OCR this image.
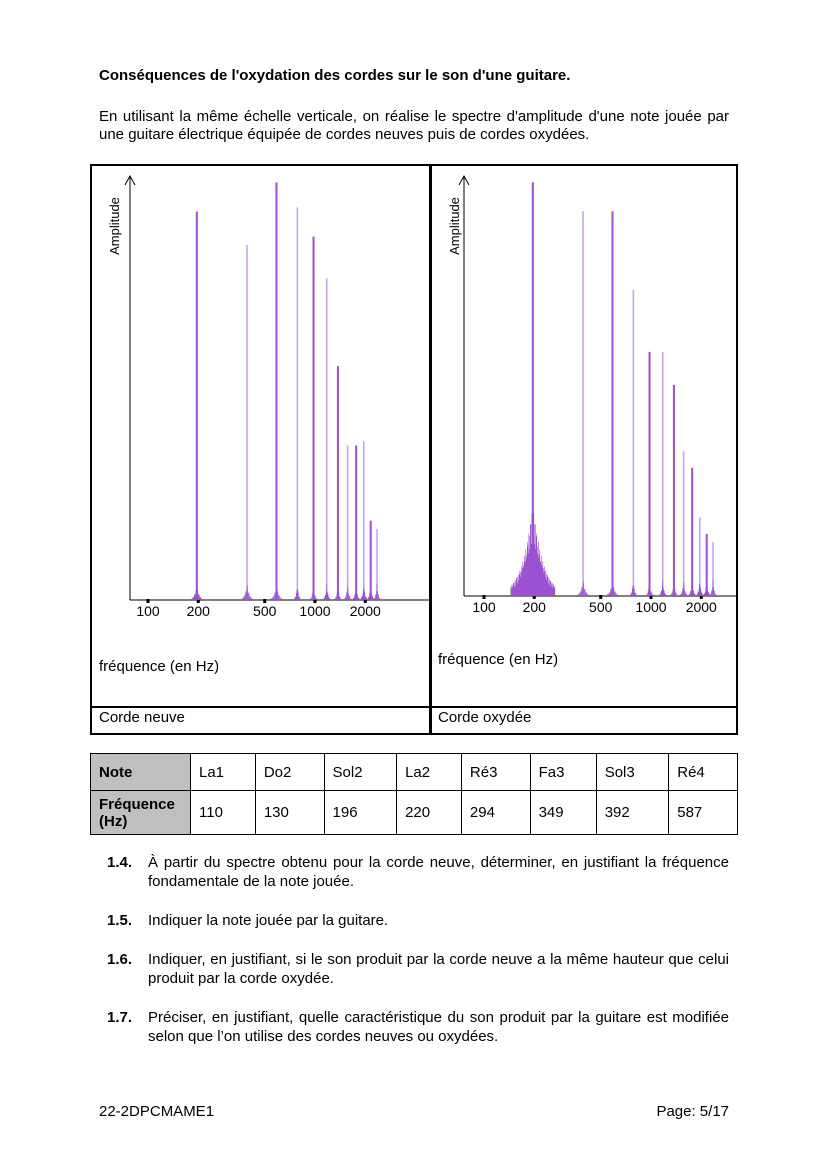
Conséquences de l'oxydation des cordes sur le son d'une guitare.

En utilisant la même échelle verticale, on réalise le spectre d'amplitude d'une note jouée par une guitare électrique équipée de cordes neuves puis de cordes oxydées.

Amplitude
100 200	500 1000 2000
fréquence (en Hz)
Amplitude
100 200	500 1000 2000
fréquence (en Hz)
Corde neuve	Corde oxydée
Note	La1	Do2	Sol2	La2	Ré3	Fa3	Sol3	Ré4
Fréquence (Hz)	110	130	196	220	294	349	392	587
1.4. À partir du spectre obtenu pour la corde neuve, déterminer, en justifiant la fréquence fondamentale de la note jouée.
1.5. Indiquer la note jouée par la guitare.
1.6. Indiquer, en justifiant, si le son produit par la corde neuve a la même hauteur que celui produit par la corde oxydée.
1.7. Préciser, en justifiant, quelle caractéristique du son produit par la guitare est modifiée selon que l’on utilise des cordes neuves ou oxydées.
22-2DPCMAME1	Page: 5/17
